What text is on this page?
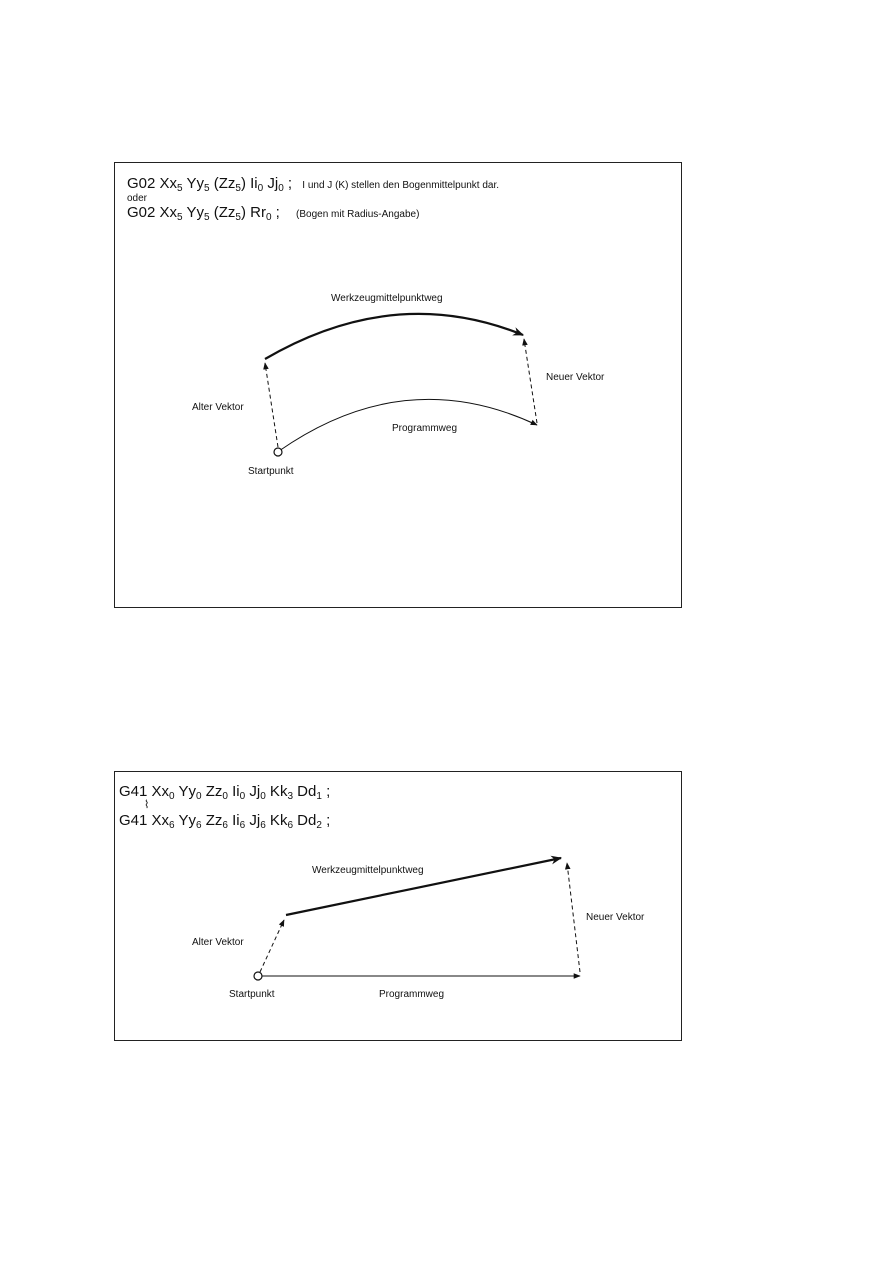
G02 $Xx_5$ $Yy_5$ $(Zz_5)$ $Ii_0$ $Jj_0$ ; I und J (K) stellen den Bogenmittelpunkt dar.
oder
G02 $Xx_5$ $Yy_5$ $(Zz_5)$ $Rr_0$ ; (Bogen mit Radius-Angabe)
Werkzeugmittelpunktweg
Alter Vektor
Neuer Vektor
Programmweg
Startpunkt
G41 $Xx_0$ $Yy_0$ $Zz_0$ $Ii_0$ $Jj_0$ $Kk_3$ $Dd_1$ ;
⌇
G41 $Xx_6$ $Yy_6$ $Zz_6$ $Ii_6$ $Jj_6$ $Kk_6$ $Dd_2$ ;
Werkzeugmittelpunktweg
Alter Vektor
Neuer Vektor
Programmweg
Startpunkt
